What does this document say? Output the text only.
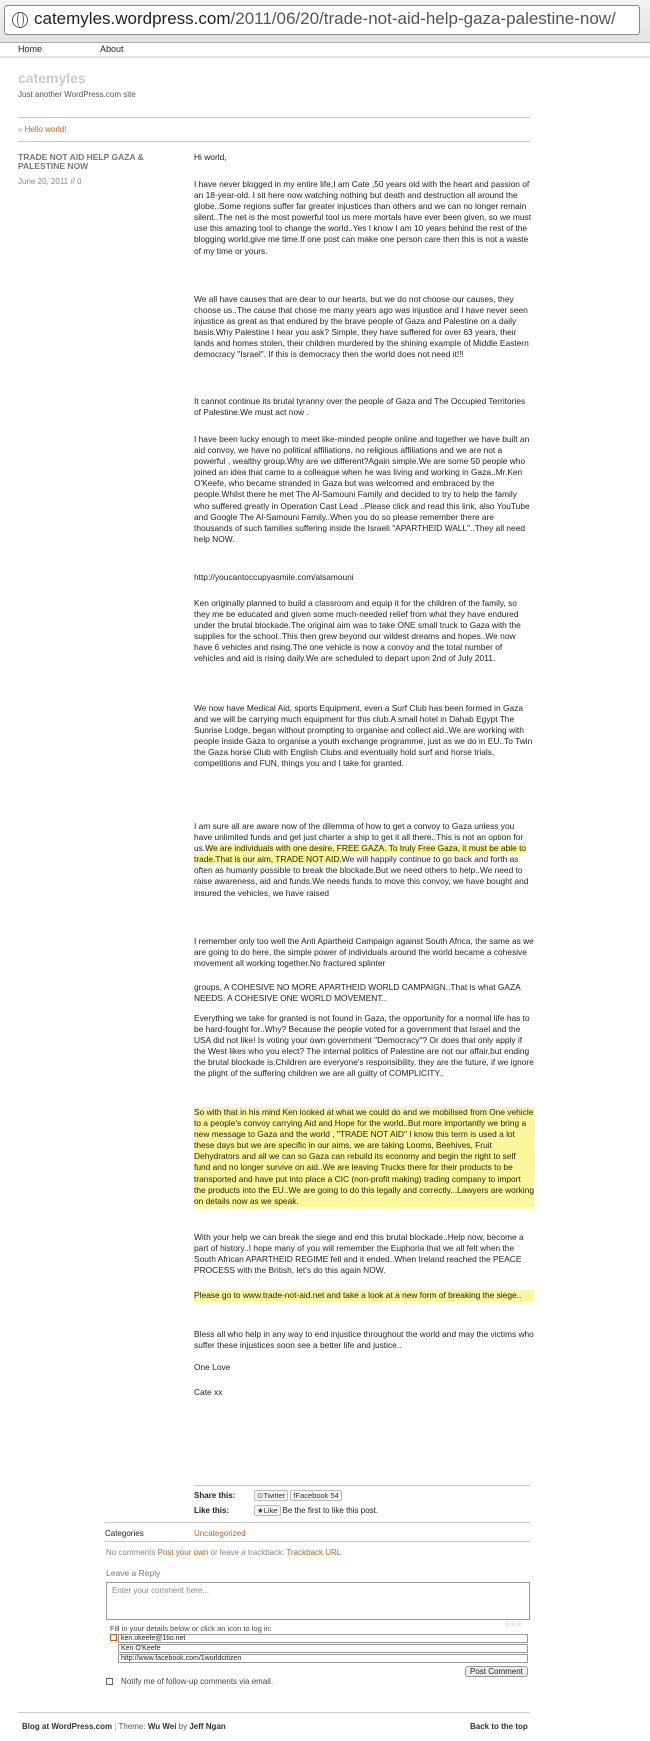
catemyles.wordpress.com/2011/06/20/trade-not-aid-help-gaza-palestine-now/
Home	About
catemyles
Just another WordPress.com site
« Hello world!
TRADE NOT AID HELP GAZA & PALESTINE NOW
June 20, 2011 // 0

Hi world,

I have never blogged in my entire life,I am Cate ,50 years old with the heart and passion of an 18-year-old. I sit here now watching nothing but death and destruction all around the globe..Some regions suffer far greater injustices than others and we can no longer remain silent..The net is the most powerful tool us mere mortals have ever been given, so we must use this amazing tool to change the world..Yes I know I am 10 years behind the rest of the blogging world,give me time.If one post can make one person care then this is not a waste of my time or yours.

We all have causes that are dear to our hearts, but we do not choose our causes, they choose us..The cause that chose me many years ago was injustice and I have never seen injustice as great as that endured by the brave people of Gaza and Palestine on a daily basis.Why Palestine I hear you ask? Simple, they have suffered for over 63 years, their lands and homes stolen, their children murdered by the shining example of Middle Eastern democracy "Israel". If this is democracy then the world does not need it!!!

It cannot continue its brutal tyranny over the people of Gaza and The Occupied Territories of Palestine.We must act now .

I have been lucky enough to meet like-minded people online and together we have built an aid convoy, we have no political affiliations, no religious affiliations and we are not a powerful , wealthy group.Why are we different?Again simple.We are some 50 people who joined an idea that came to a colleague when he was living and working in Gaza..Mr.Ken O'Keefe, who became stranded in Gaza but was welcomed and embraced by the people.Whilst there he met The Al-Samouni Family and decided to try to help the family who suffered greatly in Operation Cast Lead ..Please click and read this link, also YouTube and Google The Al-Samouni Family..When you do so please remember there are thousands of such families suffering inside the Israeli "APARTHEID WALL"..They all need help NOW.

http://youcantoccupyasmile.com/alsamouni

Ken originally planned to build a classroom and equip it for the children of the family, so they me be educated and given some much-needed relief from what they have endured under the brutal blockade.The original aim was to take ONE small truck to Gaza with the supplies for the school..This then grew beyond our wildest dreams and hopes..We now have 6 vehicles and rising.The one vehicle is now a convoy and the total number of vehicles and aid is rising daily.We are scheduled to depart upon 2nd of July 2011.

We now have Medical Aid, sports Equipment, even a Surf Club has been formed in Gaza and we will be carrying much equipment for this club.A small hotel in Dahab Egypt The Sunrise Lodge, began without prompting to organise and collect aid..We are working with people inside Gaza to organise a youth exchange programme, just as we do in EU..To Twin the Gaza horse Club with English Clubs and eventually hold surf and horse trials, competitions and FUN, things you and I take for granted.

I am sure all are aware now of the dilemma of how to get a convoy to Gaza unless you have unlimited funds and get just charter a ship to get it all there..This is not an option for us.We are individuals with one desire, FREE GAZA. To truly Free Gaza, it must be able to trade.That is our aim, TRADE NOT AID.We will happily continue to go back and forth as often as humanly possible to break the blockade.But we need others to help..We need to raise awareness, aid and funds.We needs funds to move this convoy, we have bought and insured the vehicles, we have raised

I remember only too well the Anti Apartheid Campaign against South Africa, the same as we are going to do here, the simple power of individuals around the world became a cohesive movement all working together.No fractured splinter

groups, A COHESIVE NO MORE APARTHEID WORLD CAMPAIGN..That is what GAZA NEEDS. A COHESIVE ONE WORLD MOVEMENT..

Everything we take for granted is not found in Gaza, the opportunity for a normal life has to be hard-fought for..Why? Because the people voted for a government that Israel and the USA did not like! Is voting your own government "Democracy"? Or does that only apply if the West likes who you elect? The internal politics of Palestine are not our affair,but ending the brutal blockade is.Children are everyone's responsibility, they are the future, if we ignore the plight of the suffering children we are all guilty of COMPLICITY..

So with that in his mind Ken looked at what we could do and we mobilised from One vehicle to a people's convoy carrying Aid and Hope for the world..But more importantly we bring a new message to Gaza and the world , "TRADE NOT AID" I know this term is used a lot these days but we are specific in our aims, we are taking Looms, Beehives, Fruit Dehydrators and all we can so Gaza can rebuild its economy and begin the right to self fund and no longer survive on aid..We are leaving Trucks there for their products to be transported and have put into place a CIC (non-profit making) trading company to import the products into the EU..We are going to do this legally and correctly...Lawyers are working on details now as we speak.

With your help we can break the siege and end this brutal blockade..Help now, become a part of history..I hope many of you will remember the Euphoria that we all felt when the South African APARTHEID REGIME fell and it ended..When Ireland reached the PEACE PROCESS with the British, let's do this again NOW.

Please go to www.trade-not-aid.net and take a look at a new form of breaking the siege..

Bless all who help in any way to end injustice throughout the world and may the victims who suffer these injustices soon see a better life and justice..

One Love

Cate xx

Share this:	⊙Twitter fFacebook 54
Like this:	★Like Be the first to like this post.
Categories	Uncategorized
No comments Post your own or leave a trackback: Trackback URL
Leave a Reply
Enter your comment here...
Fill in your details below or click an icon to log in:	○○○
ken.okeefe@1tio.net
Ken O'Keefe
http://www.facebook.com/1worldcitizen
Post Comment
Notify me of follow-up comments via email.
Blog at WordPress.com | Theme: Wu Wei by Jeff Ngan	Back to the top
